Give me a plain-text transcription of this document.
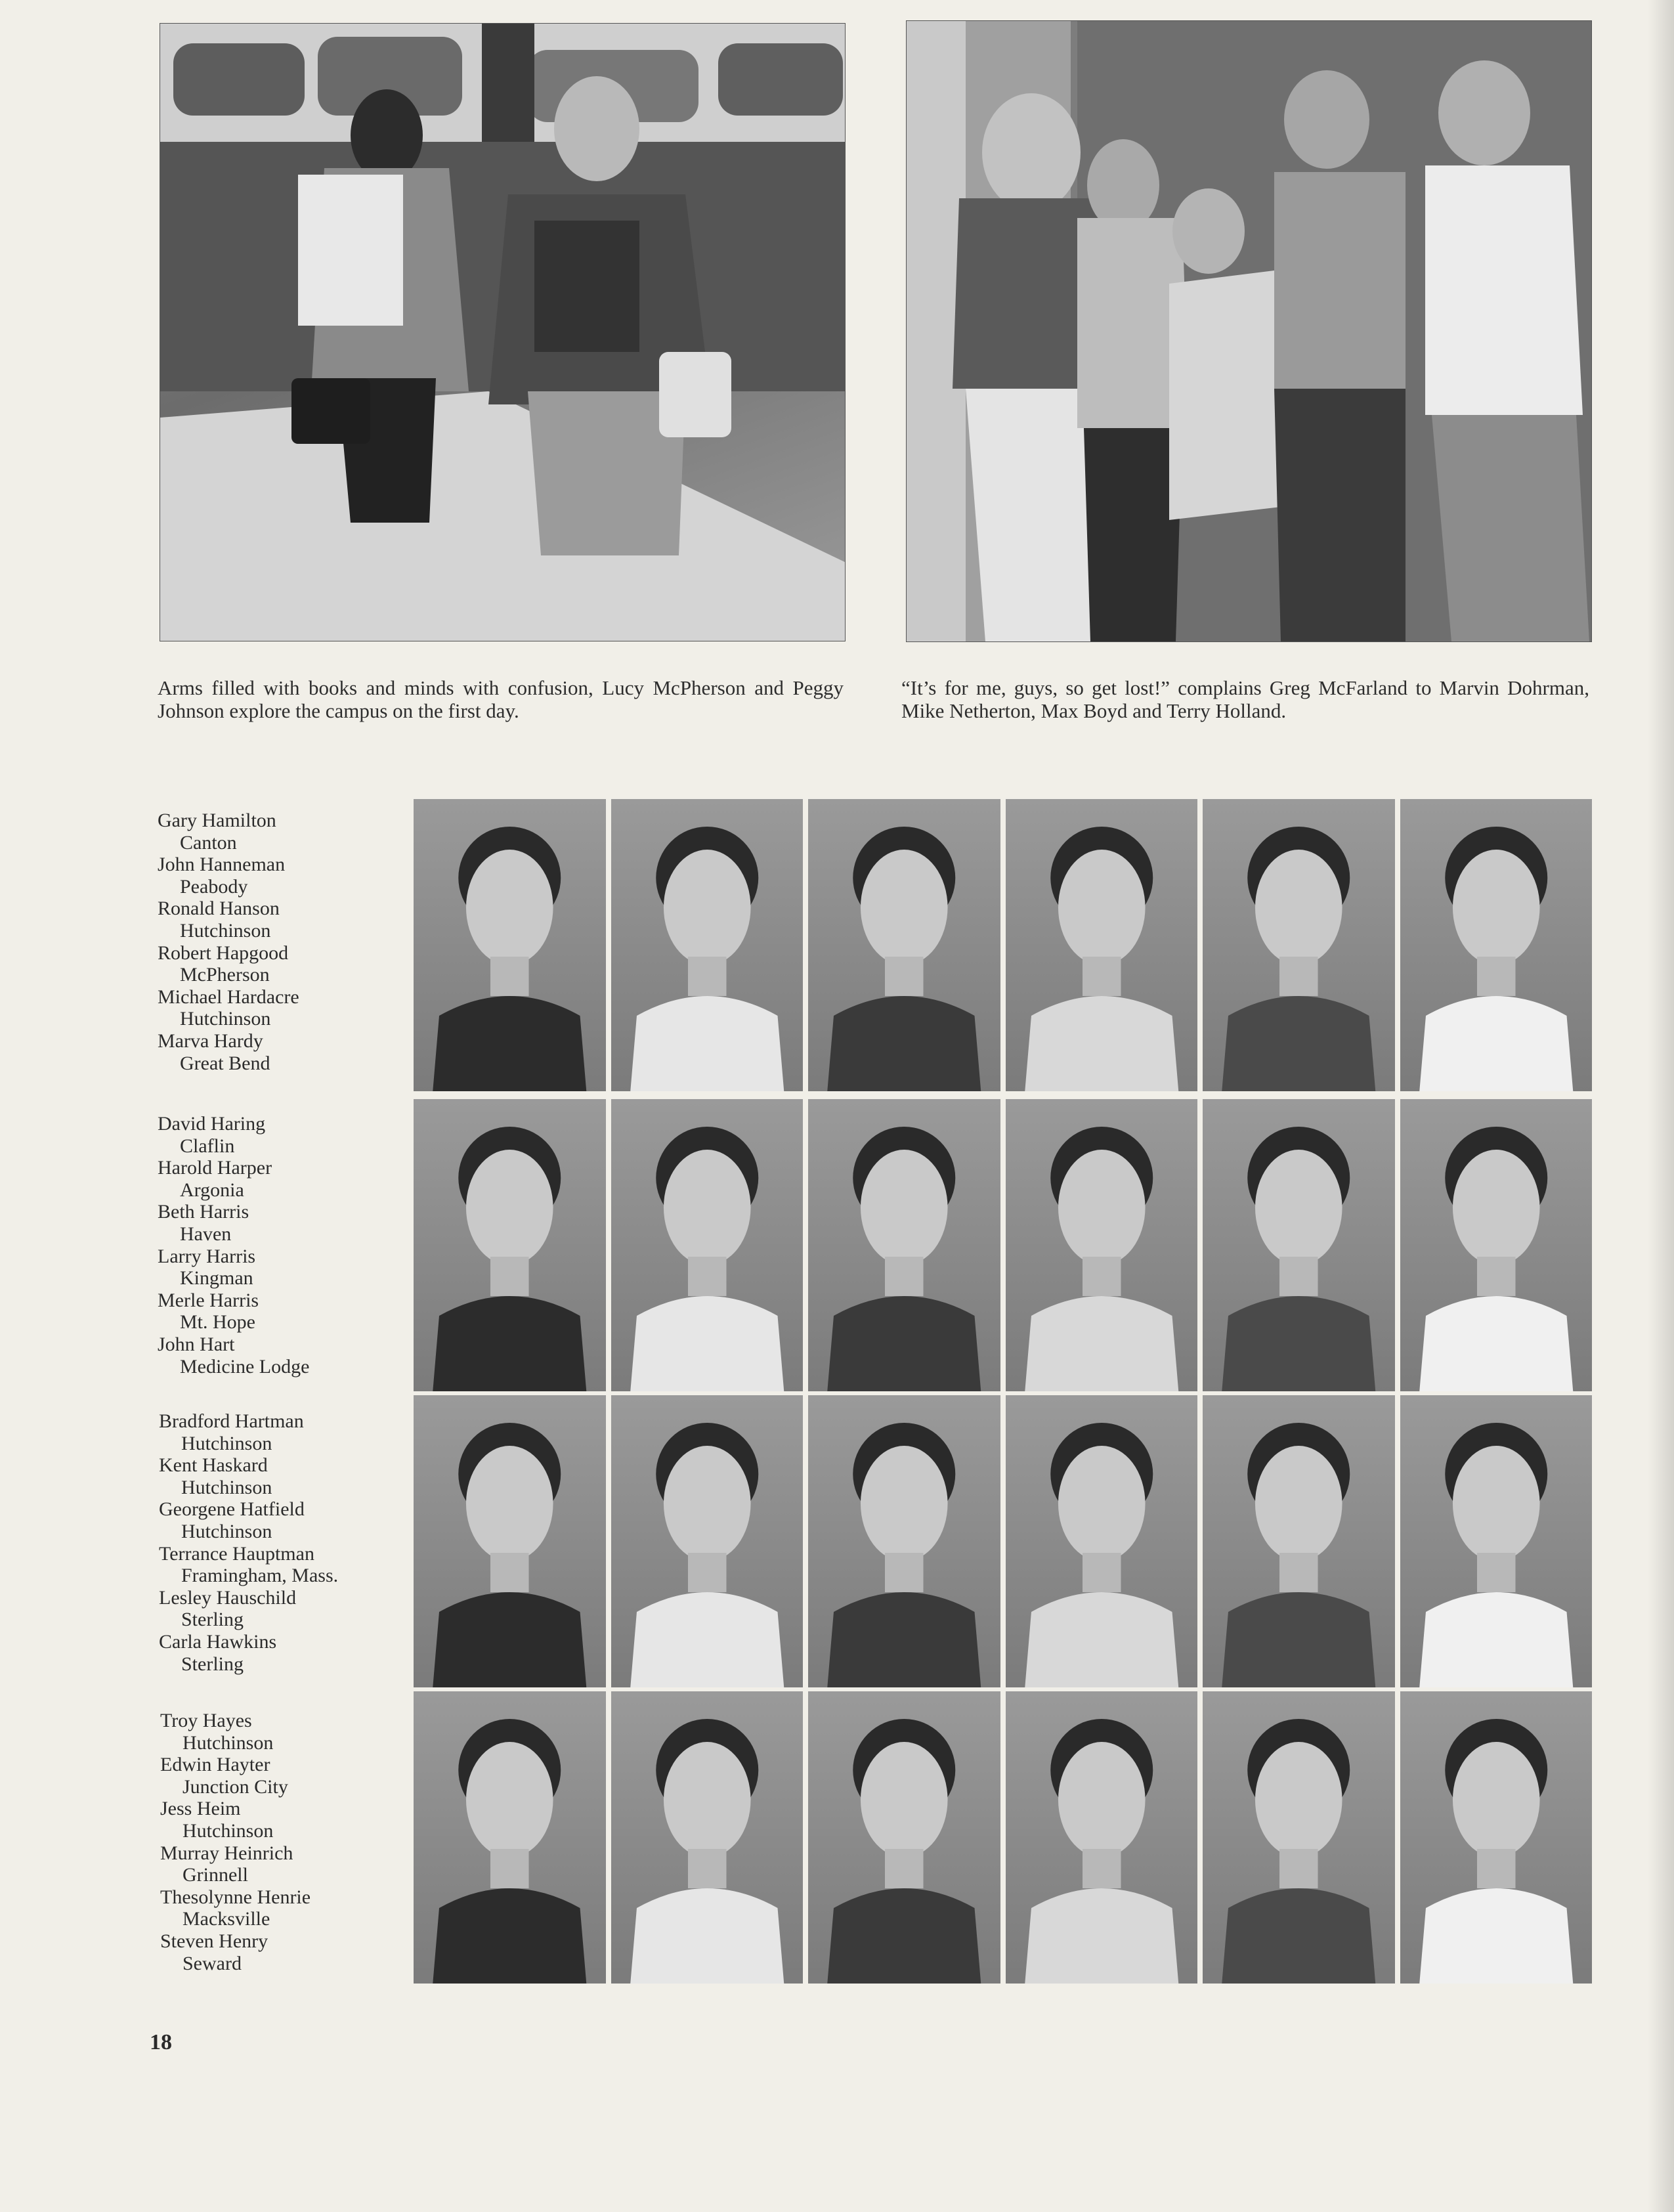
Arms filled with books and minds with confusion, Lucy McPherson and Peggy Johnson explore the campus on the first day.
“It’s for me, guys, so get lost!” complains Greg McFarland to Marvin Dohrman, Mike Netherton, Max Boyd and Terry Holland.
Gary Hamilton
Canton
John Hanneman
Peabody
Ronald Hanson
Hutchinson
Robert Hapgood
McPherson
Michael Hardacre
Hutchinson
Marva Hardy
Great Bend
David Haring
Claflin
Harold Harper
Argonia
Beth Harris
Haven
Larry Harris
Kingman
Merle Harris
Mt. Hope
John Hart
Medicine Lodge
Bradford Hartman
Hutchinson
Kent Haskard
Hutchinson
Georgene Hatfield
Hutchinson
Terrance Hauptman
Framingham, Mass.
Lesley Hauschild
Sterling
Carla Hawkins
Sterling
Troy Hayes
Hutchinson
Edwin Hayter
Junction City
Jess Heim
Hutchinson
Murray Heinrich
Grinnell
Thesolynne Henrie
Macksville
Steven Henry
Seward
18
